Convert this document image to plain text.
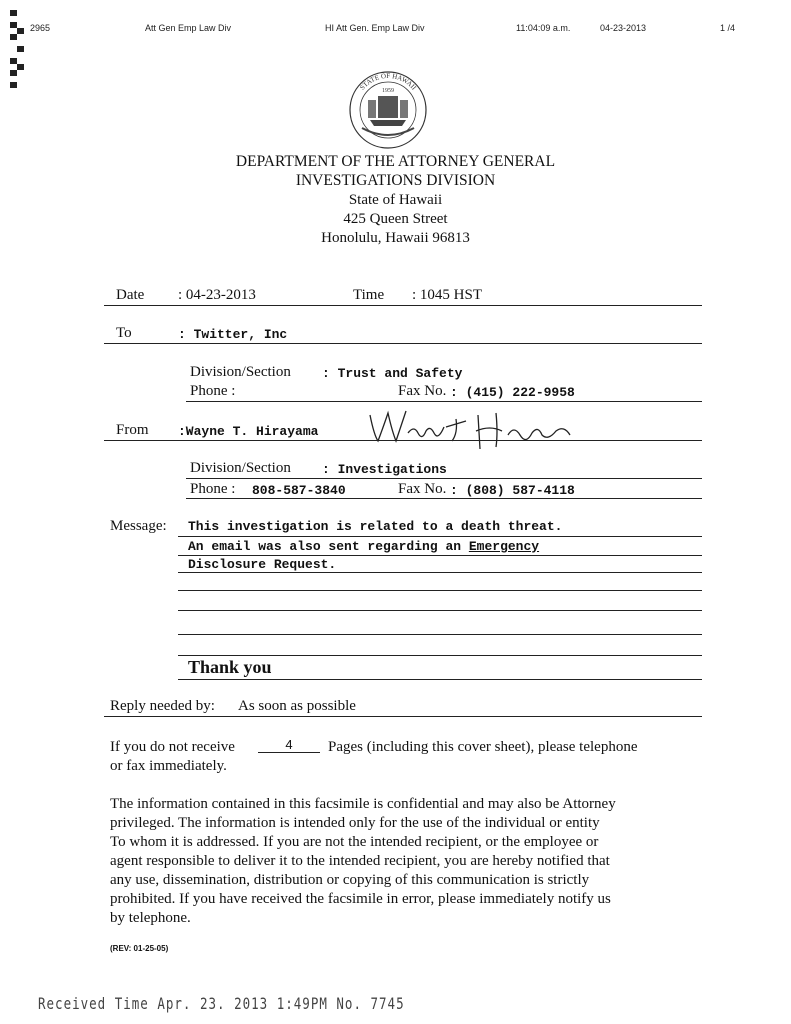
2965	Att Gen Emp Law Div	HI Att Gen. Emp Law Div	11:04:09 a.m.	04-23-2013	1 /4
STATE OF HAWAII
1959
DEPARTMENT OF THE ATTORNEY GENERAL
INVESTIGATIONS DIVISION
State of Hawaii
425 Queen Street
Honolulu, Hawaii 96813
Date : 04-23-2013	Time : 1045 HST
To	: Twitter, Inc
Division/Section : Trust and Safety
Phone :	Fax No. : (415) 222-9958
From :Wayne T. Hirayama
Division/Section : Investigations
Phone : 808-587-3840	Fax No. : (808) 587-4118
Message: This investigation is related to a death threat.
An email was also sent regarding an Emergency
Disclosure Request.
Thank you
Reply needed by: As soon as possible
If you do not receive	4	Pages (including this cover sheet), please telephone
or fax immediately.
The information contained in this facsimile is confidential and may also be Attorney
privileged. The information is intended only for the use of the individual or entity
To whom it is addressed. If you are not the intended recipient, or the employee or
agent responsible to deliver it to the intended recipient, you are hereby notified that
any use, dissemination, distribution or copying of this communication is strictly
prohibited. If you have received the facsimile in error, please immediately notify us
by telephone.
(REV: 01-25-05)
Received Time Apr. 23. 2013 1:49PM No. 7745
